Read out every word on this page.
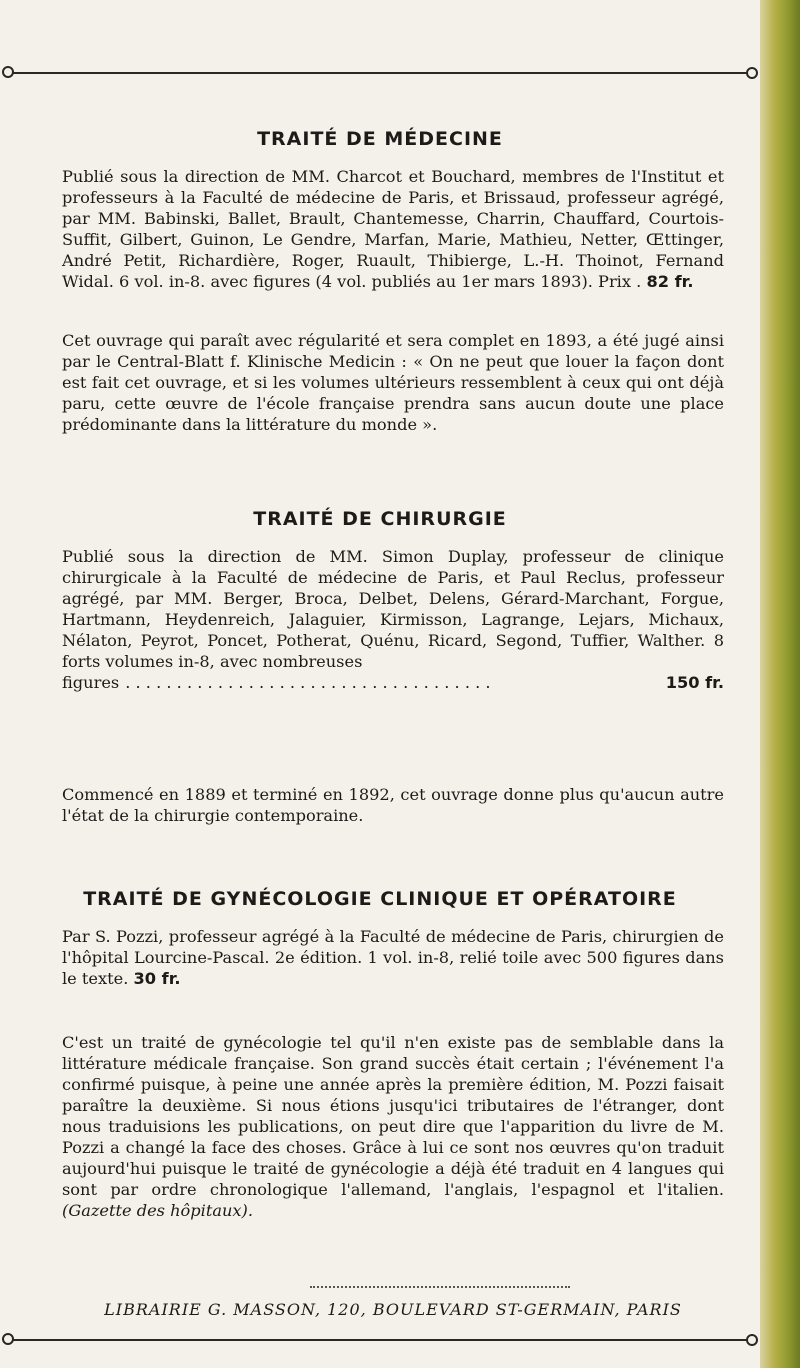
TRAITÉ DE MÉDECINE
Publié sous la direction de MM. Charcot et Bouchard, membres de l'Institut et professeurs à la Faculté de médecine de Paris, et Brissaud, professeur agrégé, par MM. Babinski, Ballet, Brault, Chantemesse, Charrin, Chauffard, Courtois-Suffit, Gilbert, Guinon, Le Gendre, Marfan, Marie, Mathieu, Netter, Œttinger, André Petit, Richardière, Roger, Ruault, Thibierge, L.-H. Thoinot, Fernand Widal. 6 vol. in-8. avec figures (4 vol. publiés au 1er mars 1893). Prix . 82 fr.
Cet ouvrage qui paraît avec régularité et sera complet en 1893, a été jugé ainsi par le Central-Blatt f. Klinische Medicin : « On ne peut que louer la façon dont est fait cet ouvrage, et si les volumes ultérieurs ressemblent à ceux qui ont déjà paru, cette œuvre de l'école française prendra sans aucun doute une place prédominante dans la littérature du monde ».
TRAITÉ DE CHIRURGIE
Publié sous la direction de MM. Simon Duplay, professeur de clinique chirurgicale à la Faculté de médecine de Paris, et Paul Reclus, professeur agrégé, par MM. Berger, Broca, Delbet, Delens, Gérard-Marchant, Forgue, Hartmann, Heydenreich, Jalaguier, Kirmisson, Lagrange, Lejars, Michaux, Nélaton, Peyrot, Poncet, Potherat, Quénu, Ricard, Segond, Tuffier, Walther. 8 forts volumes in-8, avec nombreuses
figures . . . . . . . . . . . . . . . . . . . . . . . . . . . . . . . . . . . .	150 fr.
Commencé en 1889 et terminé en 1892, cet ouvrage donne plus qu'aucun autre l'état de la chirurgie contemporaine.
TRAITÉ DE GYNÉCOLOGIE CLINIQUE ET OPÉRATOIRE
Par S. Pozzi, professeur agrégé à la Faculté de médecine de Paris, chirurgien de l'hôpital Lourcine-Pascal. 2e édition. 1 vol. in-8, relié toile avec 500 figures dans le texte. 30 fr.
C'est un traité de gynécologie tel qu'il n'en existe pas de semblable dans la littérature médicale française. Son grand succès était certain ; l'événement l'a confirmé puisque, à peine une année après la première édition, M. Pozzi faisait paraître la deuxième. Si nous étions jusqu'ici tributaires de l'étranger, dont nous traduisions les publications, on peut dire que l'apparition du livre de M. Pozzi a changé la face des choses. Grâce à lui ce sont nos œuvres qu'on traduit aujourd'hui puisque le traité de gynécologie a déjà été traduit en 4 langues qui sont par ordre chronologique l'allemand, l'anglais, l'espagnol et l'italien. (Gazette des hôpitaux).
LIBRAIRIE G. MASSON, 120, BOULEVARD ST-GERMAIN, PARIS
